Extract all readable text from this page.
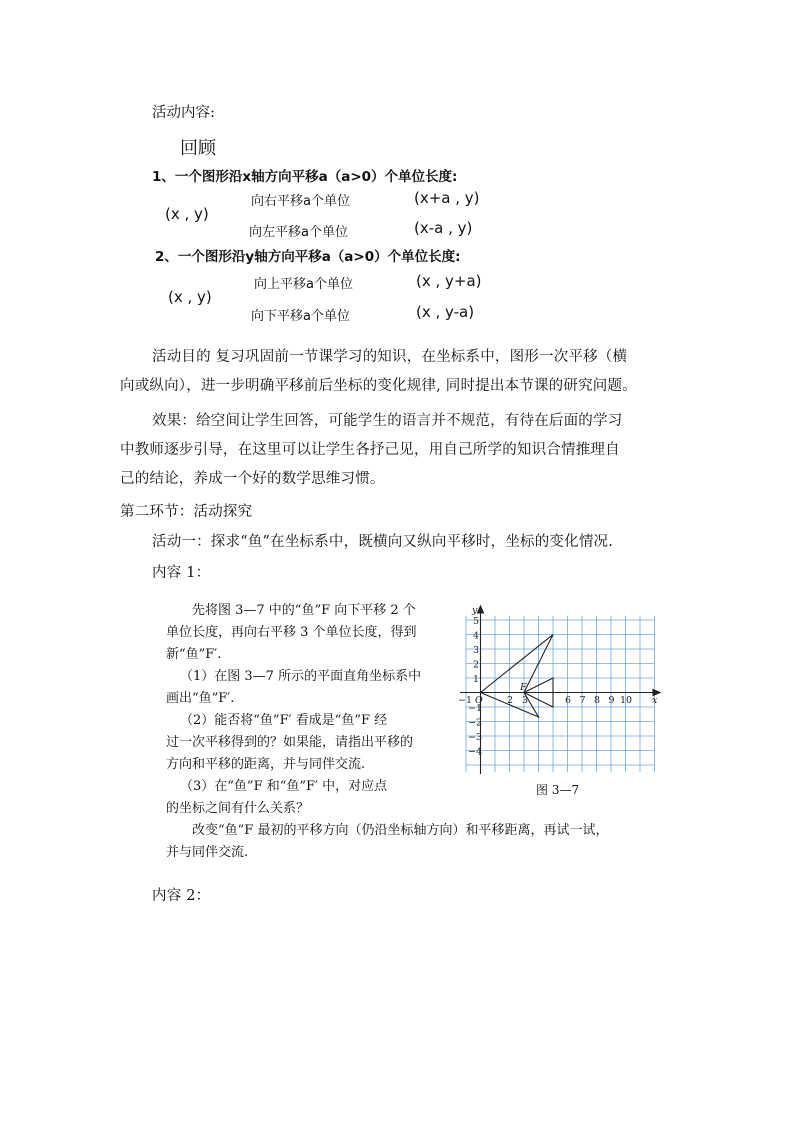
活动内容:
回顾
1、一个图形沿x轴方向平移a（a>0）个单位长度:
向右平移a个单位	(x+a , y)
(x , y)
向左平移a个单位	(x-a , y)
2、一个图形沿y轴方向平移a（a>0）个单位长度:
向上平移a个单位	(x , y+a)
(x , y)
向下平移a个单位	(x , y-a)
活动目的 复习巩固前一节课学习的知识，在坐标系中，图形一次平移（横
向或纵向），进一步明确平移前后坐标的变化规律, 同时提出本节课的研究问题。
效果：给空间让学生回答，可能学生的语言并不规范，有待在后面的学习
中教师逐步引导，在这里可以让学生各抒己见，用自己所学的知识合情推理自
己的结论，养成一个好的数学思维习惯。
第二环节：活动探究
活动一：探求“鱼”在坐标系中，既横向又纵向平移时，坐标的变化情况.
内容 1：
先将图 3—7 中的“鱼”F 向下平移 2 个
单位长度，再向右平移 3 个单位长度，得到
新“鱼”F′.
（1）在图 3—7 所示的平面直角坐标系中
画出“鱼”F′.
（2）能否将“鱼”F′ 看成是“鱼”F 经
过一次平移得到的？如果能，请指出平移的
方向和平移的距离，并与同伴交流.
（3）在“鱼”F 和“鱼”F′ 中，对应点
的坐标之间有什么关系？
改变“鱼”F 最初的平移方向（仍沿坐标轴方向）和平移距离，再试一试，
并与同伴交流.
−1 O	2 3	6 7 8 9 10 x
y
5
4
3
2
1
−1
−2
−3
−4
F
图 3—7
内容 2：
